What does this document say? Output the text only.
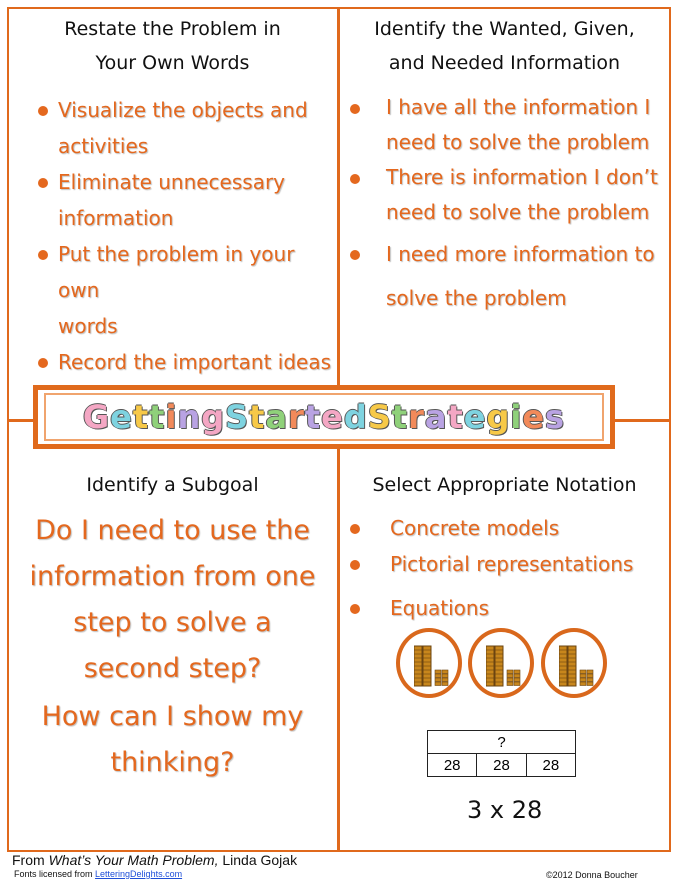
Restate the Problem in
Your Own Words
Visualize the objects and
activities
Eliminate unnecessary
information
Put the problem in your own
words
Record the important ideas
Identify the Wanted, Given,
and Needed Information
I have all the information I
need to solve the problem
There is information I don’t
need to solve the problem
I need more information to
solve the problem
G e t t i n g S t a r t e d S t r a t e g i e s
Identify a Subgoal
Do I need to use the
information from one
step to solve a
second step?
How can I show my
thinking?
Select Appropriate Notation
Concrete models
Pictorial representations
Equations
?
28	28	28
3 x 28
From What’s Your Math Problem, Linda Gojak
Fonts licensed from LetteringDelights.com	©2012 Donna Boucher
